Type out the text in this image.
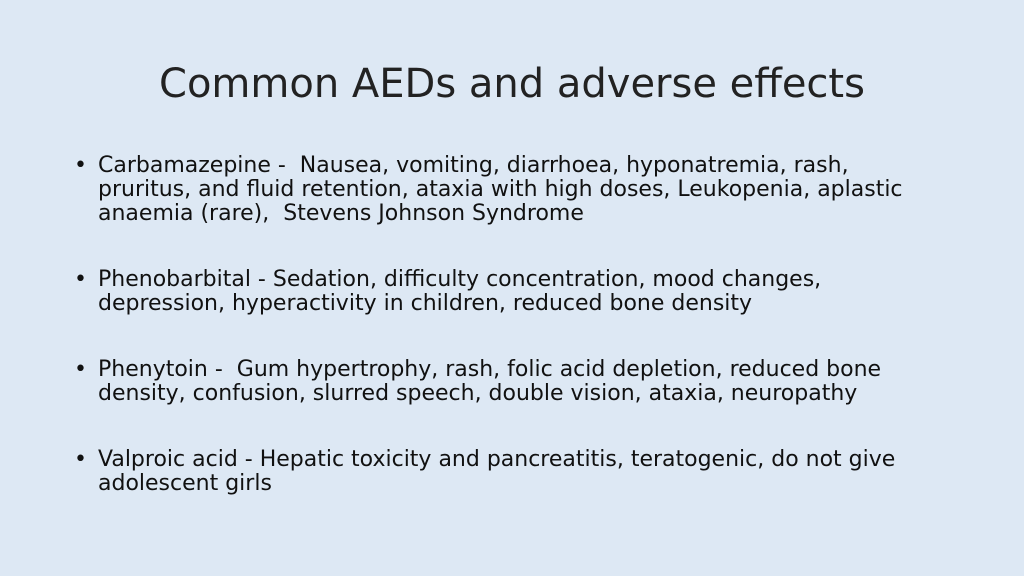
Common AEDs and adverse effects
• Carbamazepine -  Nausea, vomiting, diarrhoea, hyponatremia, rash, pruritus, and fluid retention, ataxia with high doses, Leukopenia, aplastic anaemia (rare),  Stevens Johnson Syndrome
• Phenobarbital - Sedation, difficulty concentration, mood changes, depression, hyperactivity in children, reduced bone density
• Phenytoin -  Gum hypertrophy, rash, folic acid depletion, reduced bone density, confusion, slurred speech, double vision, ataxia, neuropathy
• Valproic acid - Hepatic toxicity and pancreatitis, teratogenic, do not give adolescent girls
